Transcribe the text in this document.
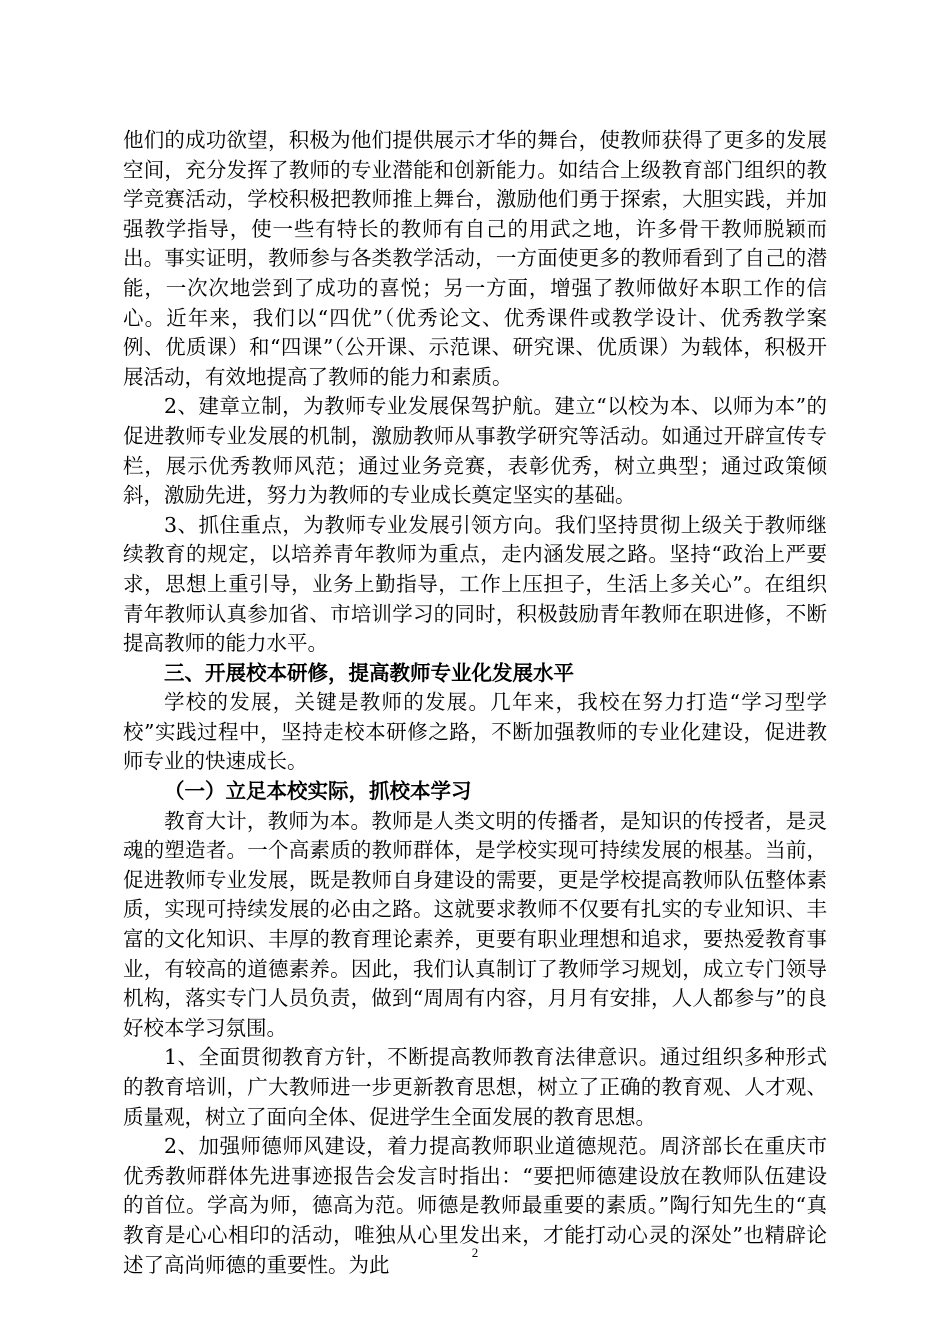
他们的成功欲望，积极为他们提供展示才华的舞台，使教师获得了更多的发展空间，充分发挥了教师的专业潜能和创新能力。如结合上级教育部门组织的教学竞赛活动，学校积极把教师推上舞台，激励他们勇于探索，大胆实践，并加强教学指导，使一些有特长的教师有自己的用武之地，许多骨干教师脱颖而出。事实证明，教师参与各类教学活动，一方面使更多的教师看到了自己的潜能，一次次地尝到了成功的喜悦；另一方面，增强了教师做好本职工作的信心。近年来，我们以“四优”（优秀论文、优秀课件或教学设计、优秀教学案例、优质课）和“四课”（公开课、示范课、研究课、优质课）为载体，积极开展活动，有效地提高了教师的能力和素质。

2、建章立制，为教师专业发展保驾护航。建立“以校为本、以师为本”的促进教师专业发展的机制，激励教师从事教学研究等活动。如通过开辟宣传专栏，展示优秀教师风范；通过业务竞赛，表彰优秀，树立典型；通过政策倾斜，激励先进，努力为教师的专业成长奠定坚实的基础。

3、抓住重点，为教师专业发展引领方向。我们坚持贯彻上级关于教师继续教育的规定，以培养青年教师为重点，走内涵发展之路。坚持“政治上严要求，思想上重引导，业务上勤指导，工作上压担子，生活上多关心”。在组织青年教师认真参加省、市培训学习的同时，积极鼓励青年教师在职进修，不断提高教师的能力水平。

三、开展校本研修，提高教师专业化发展水平

学校的发展，关键是教师的发展。几年来，我校在努力打造“学习型学校”实践过程中，坚持走校本研修之路，不断加强教师的专业化建设，促进教师专业的快速成长。

（一）立足本校实际，抓校本学习

教育大计，教师为本。教师是人类文明的传播者，是知识的传授者，是灵魂的塑造者。一个高素质的教师群体，是学校实现可持续发展的根基。当前，促进教师专业发展，既是教师自身建设的需要，更是学校提高教师队伍整体素质，实现可持续发展的必由之路。这就要求教师不仅要有扎实的专业知识、丰富的文化知识、丰厚的教育理论素养，更要有职业理想和追求，要热爱教育事业，有较高的道德素养。因此，我们认真制订了教师学习规划，成立专门领导机构，落实专门人员负责，做到“周周有内容，月月有安排，人人都参与”的良好校本学习氛围。

1、全面贯彻教育方针，不断提高教师教育法律意识。通过组织多种形式的教育培训，广大教师进一步更新教育思想，树立了正确的教育观、人才观、质量观，树立了面向全体、促进学生全面发展的教育思想。

2、加强师德师风建设，着力提高教师职业道德规范。周济部长在重庆市优秀教师群体先进事迹报告会发言时指出：“要把师德建设放在教师队伍建设的首位。学高为师，德高为范。师德是教师最重要的素质。”陶行知先生的“真教育是心心相印的活动，唯独从心里发出来，才能打动心灵的深处”也精辟论述了高尚师德的重要性。为此

2
